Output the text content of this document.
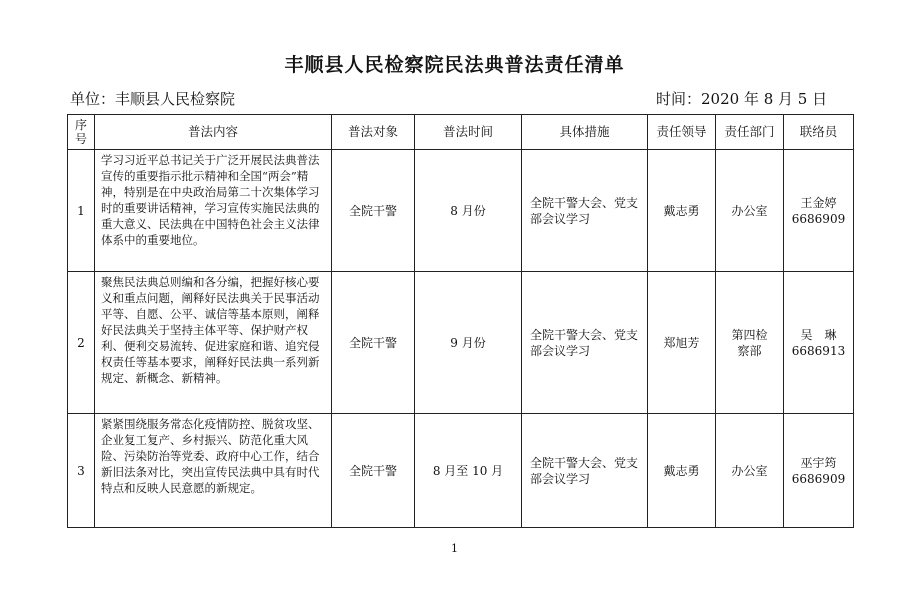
丰顺县人民检察院民法典普法责任清单
单位：丰顺县人民检察院	时间：2020 年 8 月 5 日
序号	普法内容	普法对象	普法时间	具体措施	责任领导	责任部门	联络员
1	学习习近平总书记关于广泛开展民法典普法宣传的重要指示批示精神和全国“两会”精神，特别是在中央政治局第二十次集体学习时的重要讲话精神，学习宣传实施民法典的重大意义、民法典在中国特色社会主义法律体系中的重要地位。	全院干警	8 月份	全院干警大会、党支部会议学习	戴志勇	办公室	王金婷
6686909

2	聚焦民法典总则编和各分编，把握好核心要义和重点问题，阐释好民法典关于民事活动平等、自愿、公平、诚信等基本原则，阐释好民法典关于坚持主体平等、保护财产权利、便利交易流转、促进家庭和谐、追究侵权责任等基本要求，阐释好民法典一系列新规定、新概念、新精神。	全院干警	9 月份	全院干警大会、党支部会议学习	郑旭芳	第四检察部	吴　琳
6686913

3	紧紧围绕服务常态化疫情防控、脱贫攻坚、企业复工复产、乡村振兴、防范化重大风险、污染防治等党委、政府中心工作，结合新旧法条对比，突出宣传民法典中具有时代特点和反映人民意愿的新规定。	全院干警	8 月至 10 月	全院干警大会、党支部会议学习	戴志勇	办公室	巫宇筠
6686909
1
